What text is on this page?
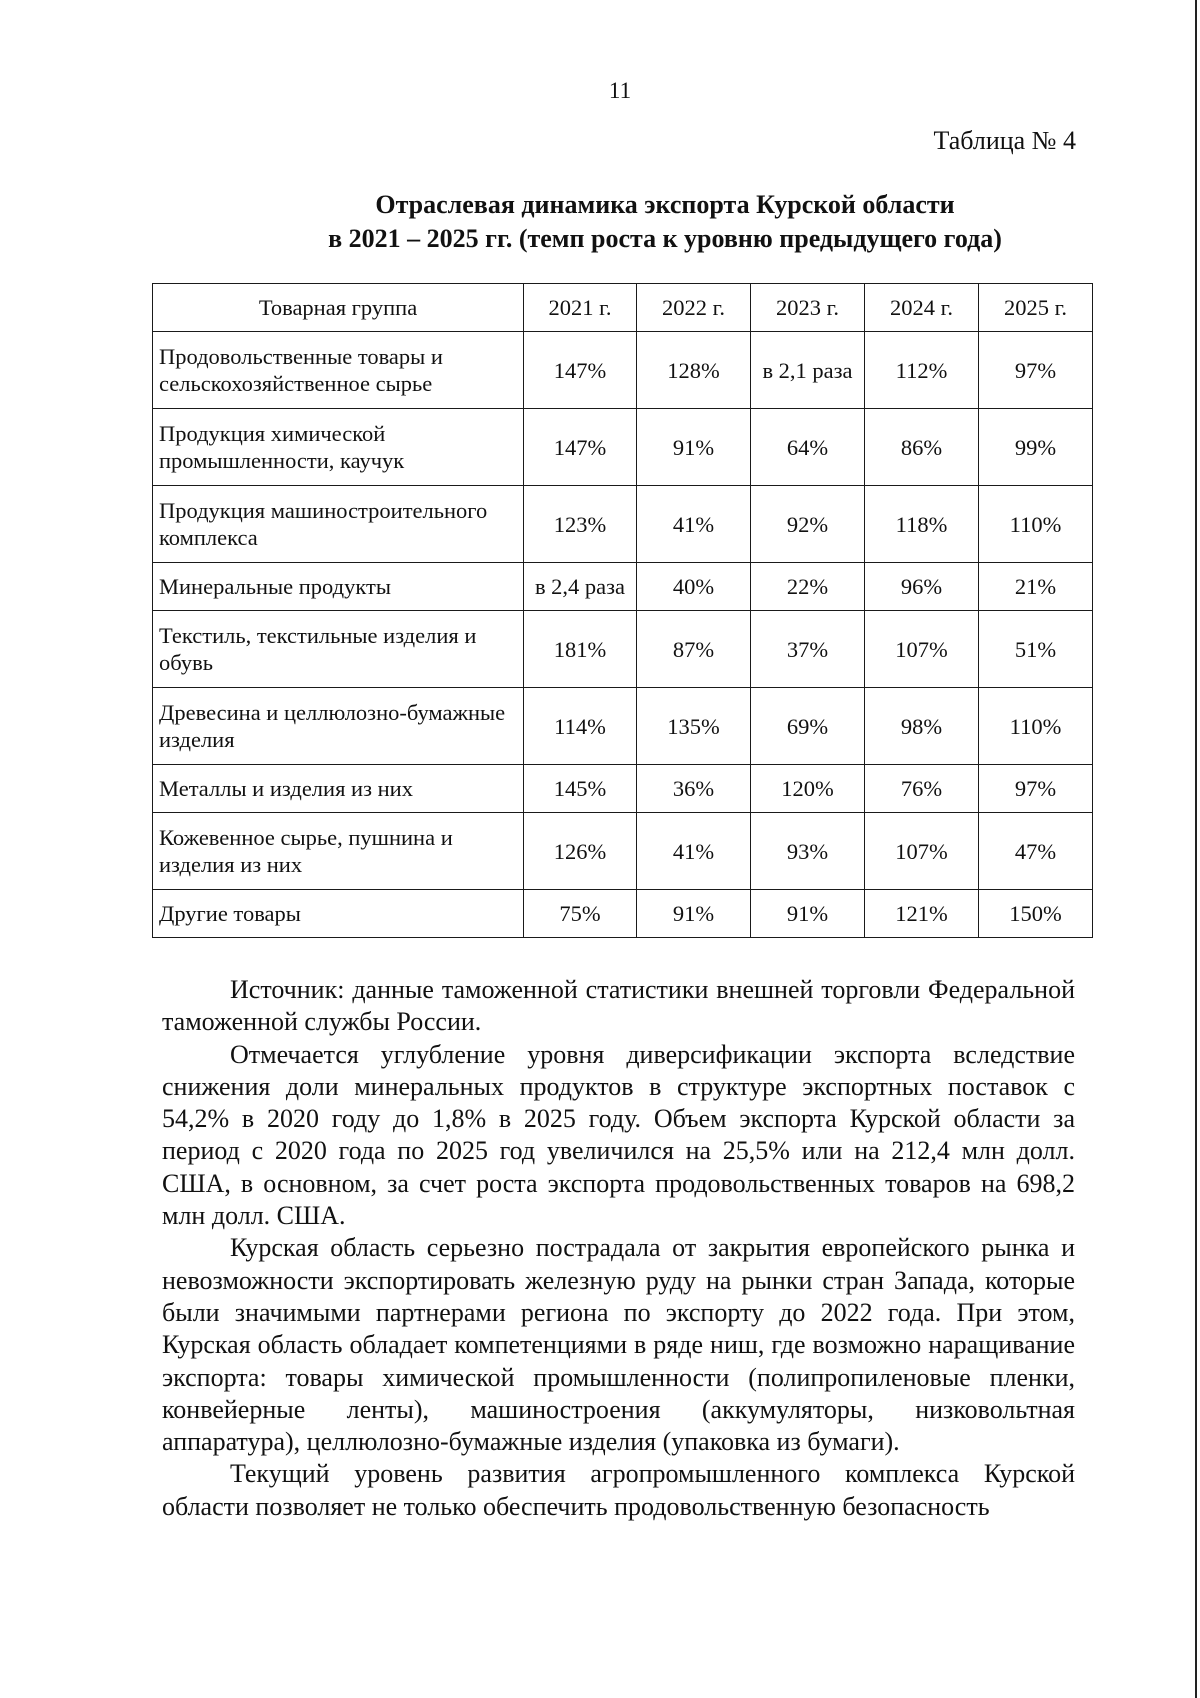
11
Таблица № 4
Отраслевая динамика экспорта Курской области
в 2021 – 2025 гг. (темп роста к уровню предыдущего года)
Товарная группа	2021 г.	2022 г.	2023 г.	2024 г.	2025 г.
Продовольственные товары и сельскохозяйственное сырье	147%	128%	в 2,1 раза	112%	97%
Продукция химической промышленности, каучук	147%	91%	64%	86%	99%
Продукция машиностроительного комплекса	123%	41%	92%	118%	110%
Минеральные продукты	в 2,4 раза	40%	22%	96%	21%
Текстиль, текстильные изделия и обувь	181%	87%	37%	107%	51%
Древесина и целлюлозно-бумажные изделия	114%	135%	69%	98%	110%
Металлы и изделия из них	145%	36%	120%	76%	97%
Кожевенное сырье, пушнина и изделия из них	126%	41%	93%	107%	47%
Другие товары	75%	91%	91%	121%	150%

Источник: данные таможенной статистики внешней торговли Федеральной таможенной службы России.

Отмечается углубление уровня диверсификации экспорта вследствие снижения доли минеральных продуктов в структуре экспортных поставок с 54,2% в 2020 году до 1,8% в 2025 году. Объем экспорта Курской области за период с 2020 года по 2025 год увеличился на 25,5% или на 212,4 млн долл. США, в основном, за счет роста экспорта продовольственных товаров на 698,2 млн долл. США.

Курская область серьезно пострадала от закрытия европейского рынка и невозможности экспортировать железную руду на рынки стран Запада, которые были значимыми партнерами региона по экспорту до 2022 года. При этом, Курская область обладает компетенциями в ряде ниш, где возможно наращивание экспорта: товары химической промышленности (полипропиленовые пленки, конвейерные ленты), машиностроения (аккумуляторы, низковольтная аппаратура), целлюлозно-бумажные изделия (упаковка из бумаги).

Текущий уровень развития агропромышленного комплекса Курской области позволяет не только обеспечить продовольственную безопасность
